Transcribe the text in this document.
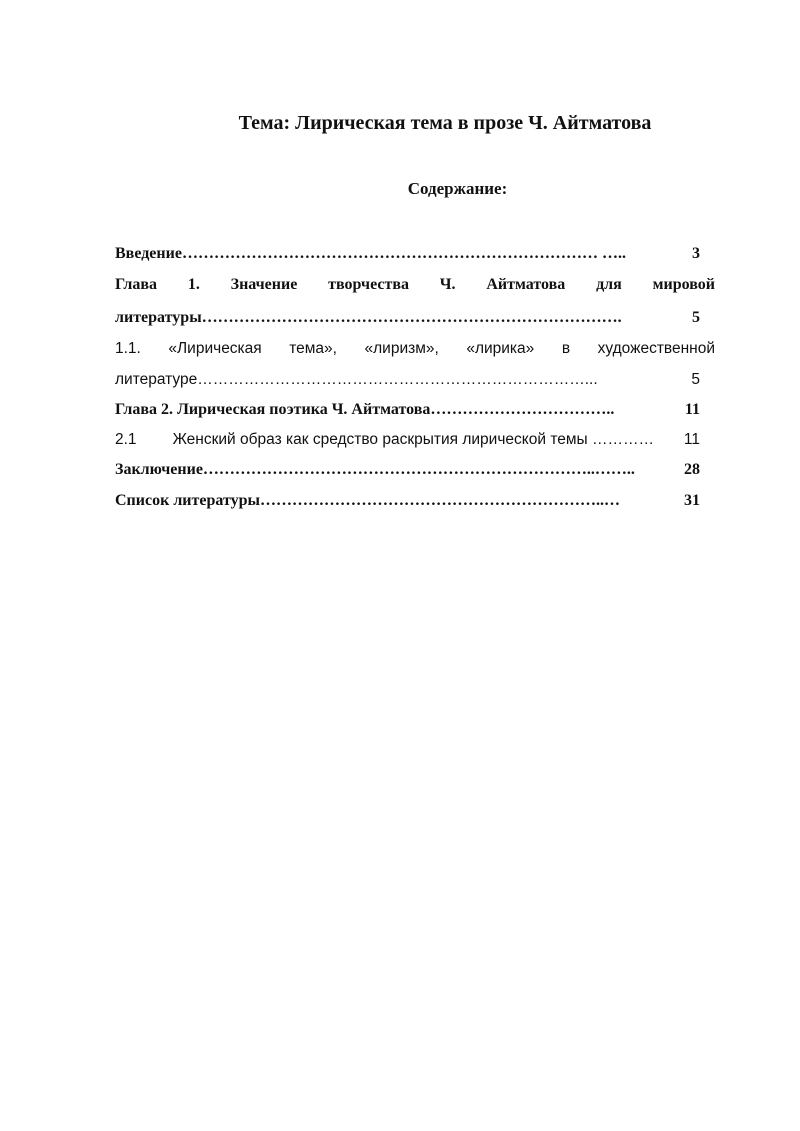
Тема: Лирическая тема в прозе Ч. Айтматова
Содержание:
Введение…………………………………………………………………… …..	3
Глава 1. Значение творчества Ч. Айтматова для мировой
литературы…………………………………………………………………….	5
1.1. «Лирическая тема», «лиризм», «лирика» в художественной
литературе…………………………………………………………………...	5
Глава 2. Лирическая поэтика Ч. Айтматова……………………………..	11
2.1 Женский образ как средство раскрытия лирической темы …………	11
Заключение………………………………………………………………..……..	28
Список литературы………………………………………………………..…	31
